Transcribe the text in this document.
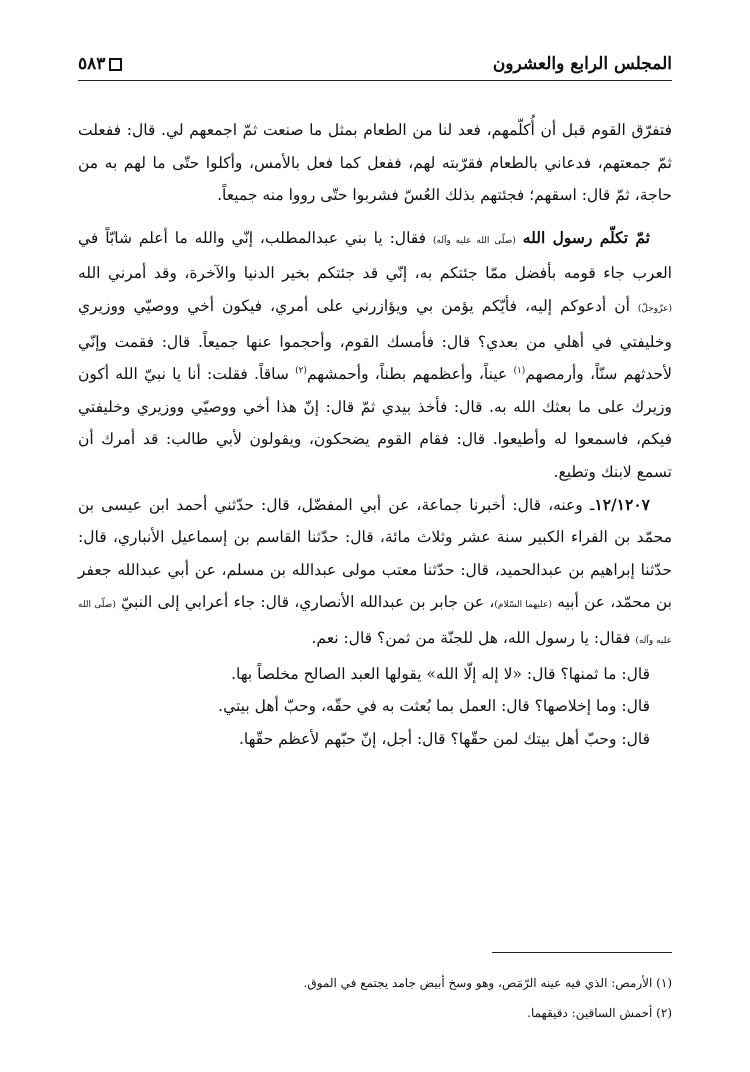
المجلس الرابع والعشرون
٥٨٣

فتفرّق القوم قبل أن أُكلّمهم، فعد لنا من الطعام بمثل ما صنعت ثمّ اجمعهم لي. قال: ففعلت ثمّ جمعتهم، فدعاني بالطعام فقرّبته لهم، ففعل كما فعل بالأمس، وأكلوا حتّى ما لهم به من حاجة، ثمّ قال: اسقهم؛ فجئتهم بذلك العُسّ فشربوا حتّى رووا منه جميعاً.

ثمّ تكلّم رسول الله (صلّى الله عليه وآله) فقال: يا بني عبدالمطلب، إنّي والله ما أعلم شابّاً في العرب جاء قومه بأفضل ممّا جئتكم به، إنّي قد جئتكم بخير الدنيا والآخرة، وقد أمرني الله (عزّوجلّ) أن أدعوكم إليه، فأيّكم يؤمن بي ويؤازرني على أمري، فيكون أخي ووصيّي ووزيري وخليفتي في أهلي من بعدي؟ قال: فأمسك القوم، وأحجموا عنها جميعاً. قال: فقمت وإنّي لأحدثهم سنّاً، وأرمصهم$^{(١)}$ عيناً، وأعظمهم بطناً، وأحمشهم$^{(٢)}$ ساقاً. فقلت: أنا يا نبيّ الله أكون وزيرك على ما بعثك الله به. قال: فأخذ بيدي ثمّ قال: إنّ هذا أخي ووصيّي ووزيري وخليفتي فيكم، فاسمعوا له وأطيعوا. قال: فقام القوم يضحكون، ويقولون لأبي طالب: قد أمرك أن تسمع لابنك وتطيع.

١٢/١٢٠٧ـ وعنه، قال: أخبرنا جماعة، عن أبي المفضّل، قال: حدّثني أحمد ابن عيسى بن محمّد بن الفراء الكبير سنة عشر وثلاث مائة، قال: حدّثنا القاسم بن إسماعيل الأنباري، قال: حدّثنا إبراهيم بن عبدالحميد، قال: حدّثنا معتب مولى عبدالله بن مسلم، عن أبي عبدالله جعفر بن محمّد، عن أبيه (عليهما السّلام)، عن جابر بن عبدالله الأنصاري، قال: جاء أعرابي إلى النبيّ (صلّى الله عليه وآله) فقال: يا رسول الله، هل للجنّة من ثمن؟ قال: نعم.

قال: ما ثمنها؟ قال: «لا إله إلّا الله» يقولها العبد الصالح مخلصاً بها.

قال: وما إخلاصها؟ قال: العمل بما بُعثت به في حقّه، وحبّ أهل بيتي.

قال: وحبّ أهل بيتك لمن حقّها؟ قال: أجل، إنّ حبّهم لأعظم حقّها.

(١) الأرمص: الذي فيه عينه الرّمَص، وهو وسخ أبيض جامد يجتمع في الموق.

(٢) أحمش الساقين: دقيقهما.
